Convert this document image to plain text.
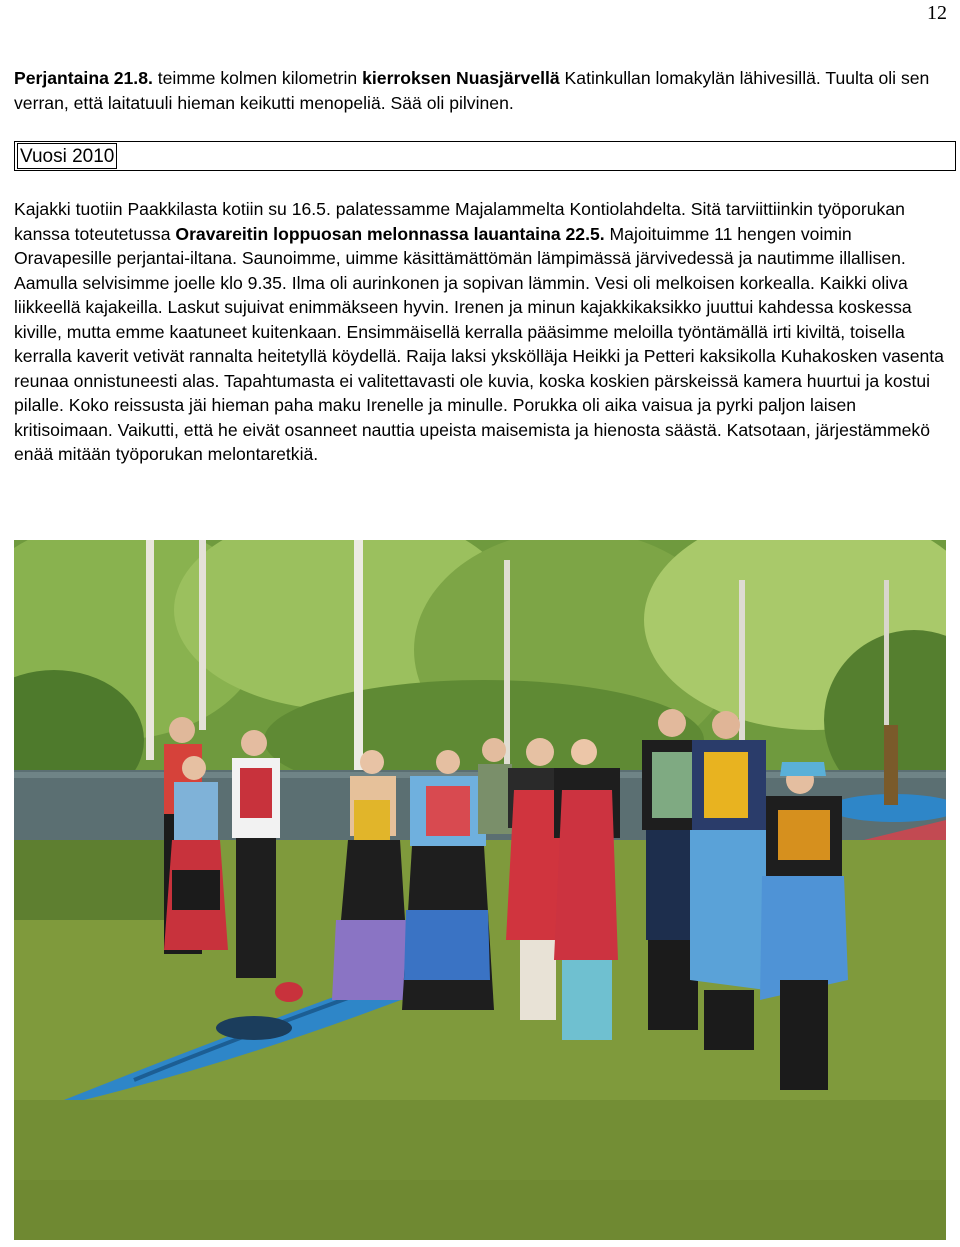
12

Perjantaina 21.8. teimme kolmen kilometrin kierroksen Nuasjärvellä Katinkullan lomakylän lähivesillä. Tuulta oli sen verran, että laitatuuli hieman keikutti menopeliä. Sää oli pilvinen.

Vuosi 2010

Kajakki tuotiin Paakkilasta kotiin su 16.5. palatessamme Majalammelta Kontiolahdelta. Sitä tarviittiinkin työporukan kanssa toteutetussa Oravareitin loppuosan melonnassa lauantaina 22.5. Majoituimme 11 hengen voimin Oravapesille perjantai-iltana. Saunoimme, uimme käsittämättömän lämpimässä järvivedessä ja nautimme illallisen. Aamulla selvisimme joelle klo 9.35. Ilma oli aurinkonen ja sopivan lämmin. Vesi oli melkoisen korkealla. Kaikki oliva liikkeellä kajakeilla. Laskut sujuivat enimmäkseen hyvin. Irenen ja minun kajakkikaksikko juuttui kahdessa koskessa kiville, mutta emme kaatuneet kuitenkaan. Ensimmäisellä kerralla pääsimme meloilla työntämällä irti kiviltä, toisella kerralla kaverit vetivät rannalta heitetyllä köydellä. Raija laksi ykskölläja Heikki ja Petteri kaksikolla Kuhakosken vasenta reunaa onnistuneesti alas. Tapahtumasta ei valitettavasti ole kuvia, koska koskien pärskeissä kamera huurtui ja kostui pilalle. Koko reissusta jäi hieman paha maku Irenelle ja minulle. Porukka oli aika vaisua ja pyrki paljon laisen kritisoimaan. Vaikutti, että he eivät osanneet nauttia upeista maisemista ja hienosta säästä. Katsotaan, järjestämmekö enää mitään työporukan melontaretkiä.
